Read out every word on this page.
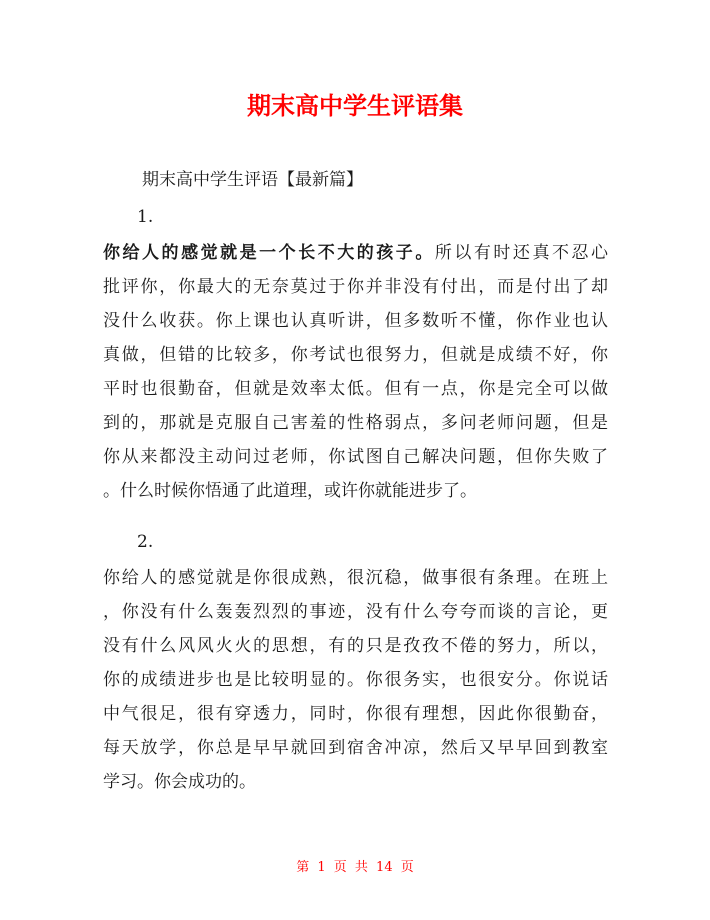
期末高中学生评语集

期末高中学生评语【最新篇】

1.

你给人的感觉就是一个长不大的孩子。所以有时还真不忍心
批评你，你最大的无奈莫过于你并非没有付出，而是付出了却
没什么收获。你上课也认真听讲，但多数听不懂，你作业也认
真做，但错的比较多，你考试也很努力，但就是成绩不好，你
平时也很勤奋，但就是效率太低。但有一点，你是完全可以做
到的，那就是克服自己害羞的性格弱点，多问老师问题，但是
你从来都没主动问过老师，你试图自己解决问题，但你失败了
。什么时候你悟通了此道理，或许你就能进步了。

2.

你给人的感觉就是你很成熟，很沉稳，做事很有条理。在班上
，你没有什么轰轰烈烈的事迹，没有什么夸夸而谈的言论，更
没有什么风风火火的思想，有的只是孜孜不倦的努力，所以，
你的成绩进步也是比较明显的。你很务实，也很安分。你说话
中气很足，很有穿透力，同时，你很有理想，因此你很勤奋，
每天放学，你总是早早就回到宿舍冲凉，然后又早早回到教室
学习。你会成功的。

第 1 页 共 14 页
